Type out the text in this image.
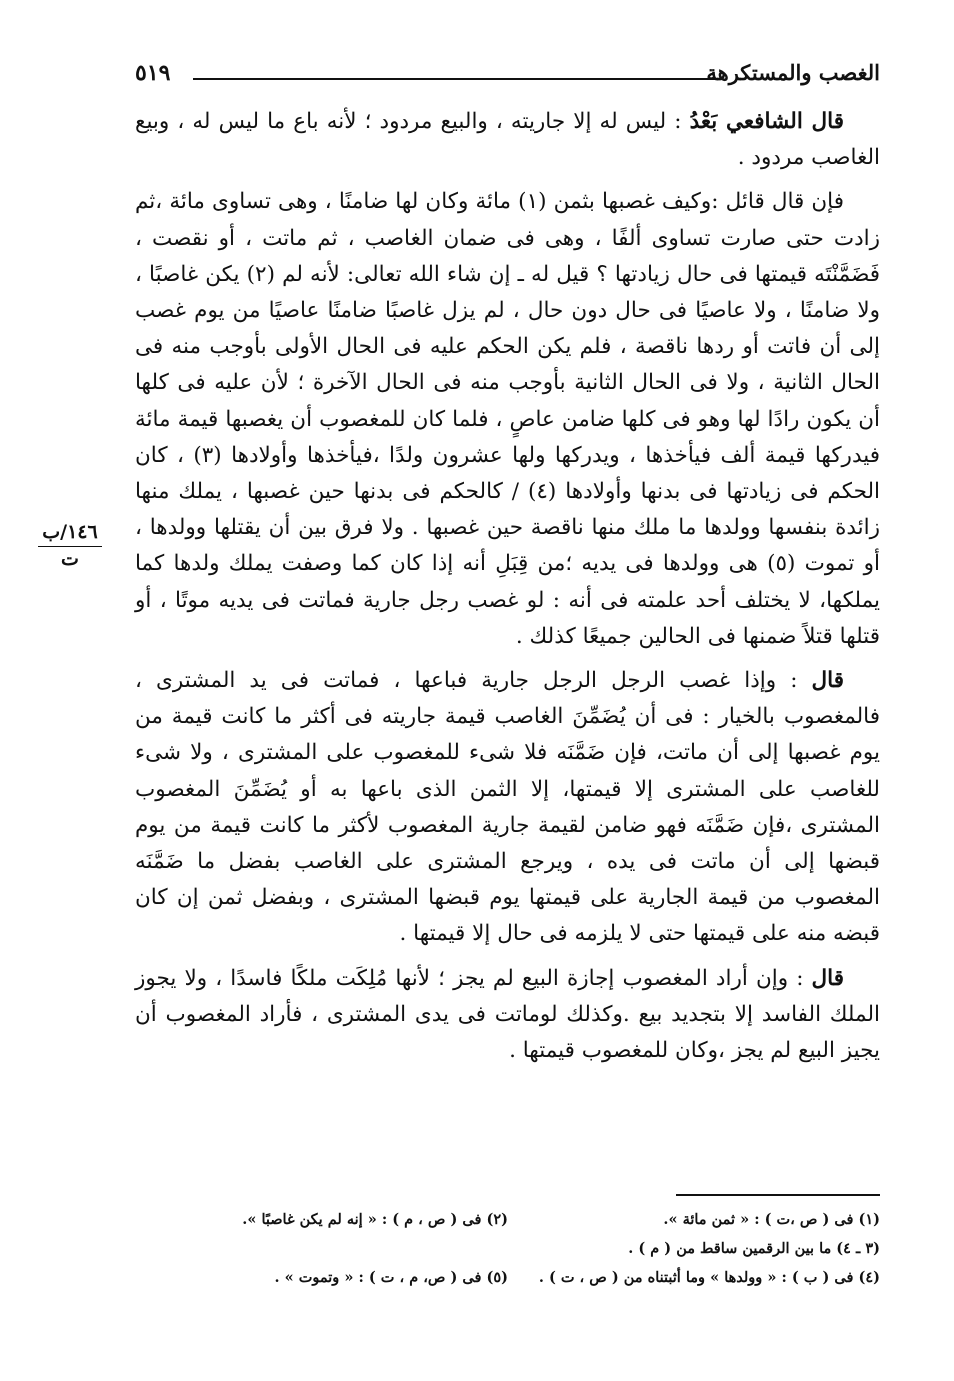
الغصب والمستكرهة
٥١٩

قال الشافعي بَعْدُ : ليس له إلا جاريته ، والبيع مردود ؛ لأنه باع ما ليس له ، وبيع الغاصب مردود .

فإن قال قائل :وكيف غصبها بثمن (١) مائة وكان لها ضامنًا ، وهى تساوى مائة ،ثم زادت حتى صارت تساوى ألفًا ، وهى فى ضمان الغاصب ، ثم ماتت ، أو نقصت ، فَضَمَّنْتَه قيمتها فى حال زيادتها ؟ قيل له ـ إن شاء الله تعالى: لأنه لم (٢) يكن غاصبًا ، ولا ضامنًا ، ولا عاصيًا فى حال دون حال ، لم يزل غاصبًا ضامنًا عاصيًا من يوم غصب إلى أن فاتت أو ردها ناقصة ، فلم يكن الحكم عليه فى الحال الأولى بأوجب منه فى الحال الثانية ، ولا فى الحال الثانية بأوجب منه فى الحال الآخرة ؛ لأن عليه فى كلها أن يكون رادًا لها وهو فى كلها ضامن عاصٍ ، فلما كان للمغصوب أن يغصبها قيمة مائة فيدركها قيمة ألف فيأخذها ، ويدركها ولها عشرون ولدًا ،فيأخذها وأولادها (٣) ، كان الحكم فى زيادتها فى بدنها وأولادها (٤) / كالحكم فى بدنها حين غصبها ، يملك منها زائدة بنفسها وولدها ما ملك منها ناقصة حين غصبها . ولا فرق بين أن يقتلها وولدها ، أو تموت (٥) هى وولدها فى يديه ؛من قِبَلِ أنه إذا كان كما وصفت يملك ولدها كما يملكها، لا يختلف أحد علمته فى أنه : لو غصب رجل جارية فماتت فى يديه موتًا ، أو قتلها قتلاً ضمنها فى الحالين جميعًا كذلك .

قال : وإذا غصب الرجل الرجل جارية فباعها ، فماتت فى يد المشترى ، فالمغصوب بالخيار : فى أن يُضَمِّنَ الغاصب قيمة جاريته فى أكثر ما كانت قيمة من يوم غصبها إلى أن ماتت، فإن ضَمَّنَه فلا شىء للمغصوب على المشترى ، ولا شىء للغاصب على المشترى إلا قيمتها، إلا الثمن الذى باعها به أو يُضَمِّنَ المغصوب المشترى ،فإن ضَمَّنَه فهو ضامن لقيمة جارية المغصوب لأكثر ما كانت قيمة من يوم قبضها إلى أن ماتت فى يده ، ويرجع المشترى على الغاصب بفضل ما ضَمَّنَه المغصوب من قيمة الجارية على قيمتها يوم قبضها المشترى ، وبفضل ثمن إن كان قبضه منه على قيمتها حتى لا يلزمه فى حال إلا قيمتها .

قال : وإن أراد المغصوب إجازة البيع لم يجز ؛ لأنها مُلِكَت ملكًا فاسدًا ، ولا يجوز الملك الفاسد إلا بتجديد بيع .وكذلك لوماتت فى يدى المشترى ، فأراد المغصوب أن يجيز البيع لم يجز ،وكان للمغصوب قيمتها .

١٤٦/ب
ت
(١) فى ( ص ،ت ) : « ثمن مائة ».
(٢) فى ( ص ، م ) : « إنه لم يكن غاصبًا ».
(٣ ـ ٤) ما بين الرقمين ساقط من ( م ) .
(٤) فى ( ب ) : « وولدها » وما أثبتناه من ( ص ، ت ) .
(٥) فى ( ص، م ، ت ) : « وتموت » .
